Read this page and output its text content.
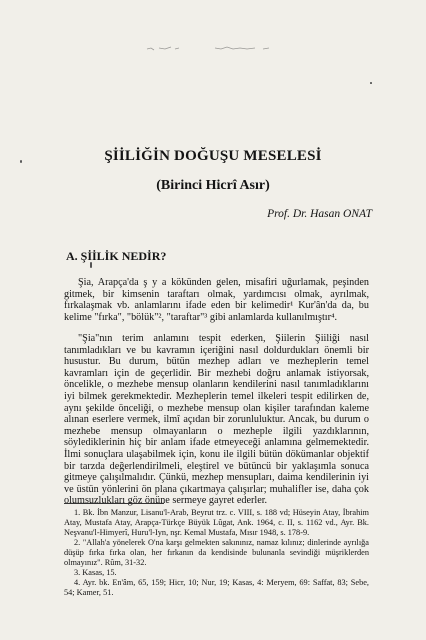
ŞİİLİĞİN DOĞUŞU MESELESİ
(Birinci Hicrî Asır)
Prof. Dr. Hasan ONAT
A. ŞİİLİK NEDİR?

Şia, Arapça'da ş y a kökünden gelen, misafiri uğurlamak, peşinden gitmek, bir kimsenin taraftarı olmak, yardımcısı olmak, ayrılmak, fırkalaşmak vb. anlamlarını ifade eden bir kelimedir¹ Kur'ân'da da, bu kelime "fırka", "bölük"², "taraftar"³ gibi anlamlarda kullanılmıştır⁴.

"Şia"nın terim anlamını tespit ederken, Şiilerin Şiiliği nasıl tanımladıkları ve bu kavramın içeriğini nasıl doldurdukları önemli bir husustur. Bu durum, bütün mezhep adları ve mezheplerin temel kavramları için de geçerlidir. Bir mezhebi doğru anlamak istiyorsak, öncelikle, o mezhebe mensup olanların kendilerini nasıl tanımladıklarını iyi bilmek gerekmektedir. Mezheplerin temel ilkeleri tespit edilirken de, aynı şekilde önceliği, o mezhebe mensup olan kişiler tarafından kaleme alınan eserlere vermek, ilmî açıdan bir zorunluluktur. Ancak, bu durum o mezhebe mensup olmayanların o mezheple ilgili yazdıklarının, söylediklerinin hiç bir anlam ifade etmeyeceği anlamına gelmemektedir. İlmi sonuçlara ulaşabilmek için, konu ile ilgili bütün dökümanlar objektif bir tarzda değerlendirilmeli, eleştirel ve bütüncü bir yaklaşımla sonuca gitmeye çalışılmalıdır. Çünkü, mezhep mensupları, daima kendilerinin iyi ve üstün yönlerini ön plana çıkartmaya çalışırlar; muhalifler ise, daha çok olumsuzlukları göz önüne sermeye gayret ederler.

1. Bk. İbn Manzur, Lisanu'l-Arab, Beyrut trz. c. VIII, s. 188 vd; Hüseyin Atay, İbrahim Atay, Mustafa Atay, Arapça-Türkçe Büyük Lûgat, Ank. 1964, c. II, s. 1162 vd., Ayr. Bk. Neşvanu'l-Himyerî, Huru'l-Iyn, nşr. Kemal Mustafa, Mısır 1948, s. 178-9.

2. "Allah'a yönelerek O'na karşı gelmekten sakınınız, namaz kılınız; dinlerinde ayrılığa düşüp fırka fırka olan, her fırkanın da kendisinde bulunanla sevindiği müşriklerden olmayınız". Rûm, 31-32.

3. Kasas, 15.

4. Ayr. bk. En'âm, 65, 159; Hicr, 10; Nur, 19; Kasas, 4: Meryem, 69: Saffat, 83; Sebe, 54; Kamer, 51.
